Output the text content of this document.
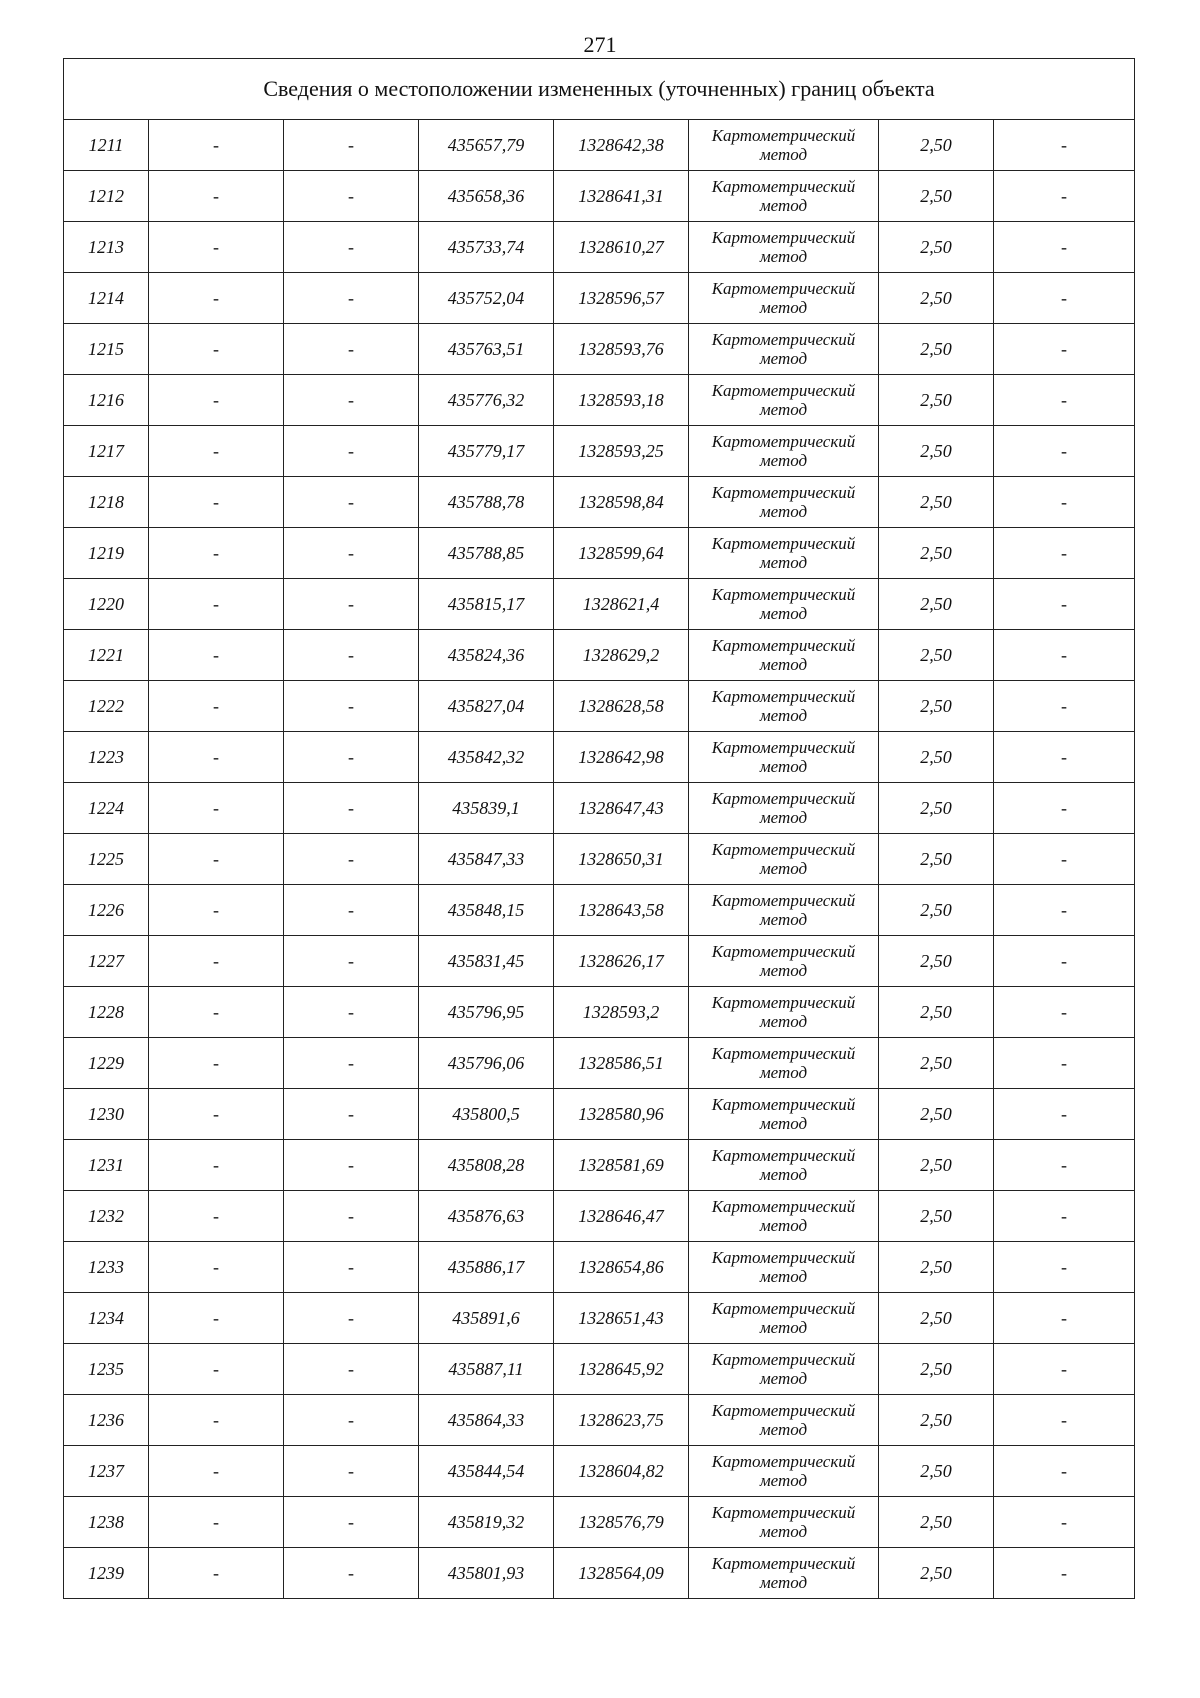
271
Сведения о местоположении измененных (уточненных) границ объекта							
1211	-	-	435657,79	1328642,38	Картометрический метод	2,50	-
1212	-	-	435658,36	1328641,31	Картометрический метод	2,50	-
1213	-	-	435733,74	1328610,27	Картометрический метод	2,50	-
1214	-	-	435752,04	1328596,57	Картометрический метод	2,50	-
1215	-	-	435763,51	1328593,76	Картометрический метод	2,50	-
1216	-	-	435776,32	1328593,18	Картометрический метод	2,50	-
1217	-	-	435779,17	1328593,25	Картометрический метод	2,50	-
1218	-	-	435788,78	1328598,84	Картометрический метод	2,50	-
1219	-	-	435788,85	1328599,64	Картометрический метод	2,50	-
1220	-	-	435815,17	1328621,4	Картометрический метод	2,50	-
1221	-	-	435824,36	1328629,2	Картометрический метод	2,50	-
1222	-	-	435827,04	1328628,58	Картометрический метод	2,50	-
1223	-	-	435842,32	1328642,98	Картометрический метод	2,50	-
1224	-	-	435839,1	1328647,43	Картометрический метод	2,50	-
1225	-	-	435847,33	1328650,31	Картометрический метод	2,50	-
1226	-	-	435848,15	1328643,58	Картометрический метод	2,50	-
1227	-	-	435831,45	1328626,17	Картометрический метод	2,50	-
1228	-	-	435796,95	1328593,2	Картометрический метод	2,50	-
1229	-	-	435796,06	1328586,51	Картометрический метод	2,50	-
1230	-	-	435800,5	1328580,96	Картометрический метод	2,50	-
1231	-	-	435808,28	1328581,69	Картометрический метод	2,50	-
1232	-	-	435876,63	1328646,47	Картометрический метод	2,50	-
1233	-	-	435886,17	1328654,86	Картометрический метод	2,50	-
1234	-	-	435891,6	1328651,43	Картометрический метод	2,50	-
1235	-	-	435887,11	1328645,92	Картометрический метод	2,50	-
1236	-	-	435864,33	1328623,75	Картометрический метод	2,50	-
1237	-	-	435844,54	1328604,82	Картометрический метод	2,50	-
1238	-	-	435819,32	1328576,79	Картометрический метод	2,50	-
1239	-	-	435801,93	1328564,09	Картометрический метод	2,50	-
